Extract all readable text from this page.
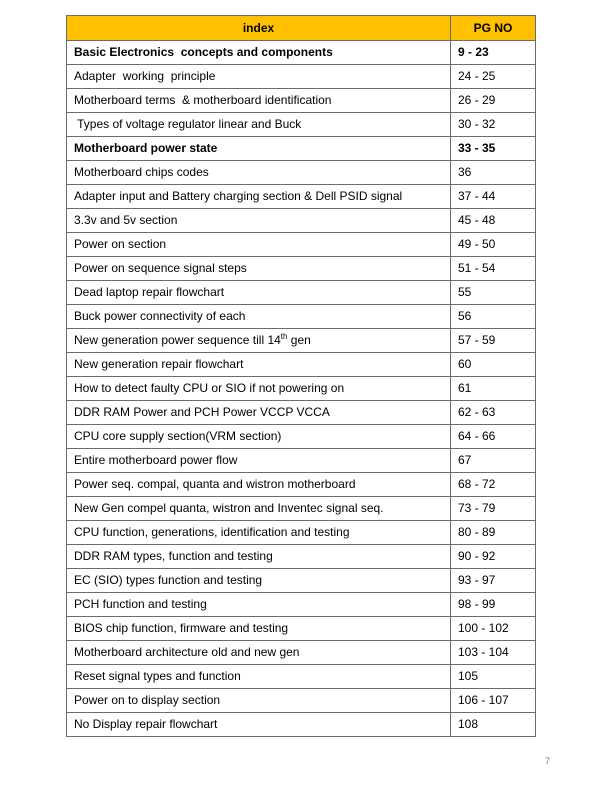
index	PG NO
Basic Electronics  concepts and components	9 - 23
Adapter  working  principle	24 - 25
Motherboard terms  & motherboard identification	26 - 29
Types of voltage regulator linear and Buck	30 - 32
Motherboard power state	33 - 35
Motherboard chips codes	36
Adapter input and Battery charging section & Dell PSID signal	37 - 44
3.3v and 5v section	45 - 48
Power on section	49 - 50
Power on sequence signal steps	51 - 54
Dead laptop repair flowchart	55
Buck power connectivity of each	56
New generation power sequence till 14th gen	57 - 59
New generation repair flowchart	60
How to detect faulty CPU or SIO if not powering on	61
DDR RAM Power and PCH Power VCCP VCCA	62 - 63
CPU core supply section(VRM section)	64 - 66
Entire motherboard power flow	67
Power seq. compal, quanta and wistron motherboard	68 - 72
New Gen compel quanta, wistron and Inventec signal seq.	73 - 79
CPU function, generations, identification and testing	80 - 89
DDR RAM types, function and testing	90 - 92
EC (SIO) types function and testing	93 - 97
PCH function and testing	98 - 99
BIOS chip function, firmware and testing	100 - 102
Motherboard architecture old and new gen	103 - 104
Reset signal types and function	105
Power on to display section	106 - 107
No Display repair flowchart	108
7
